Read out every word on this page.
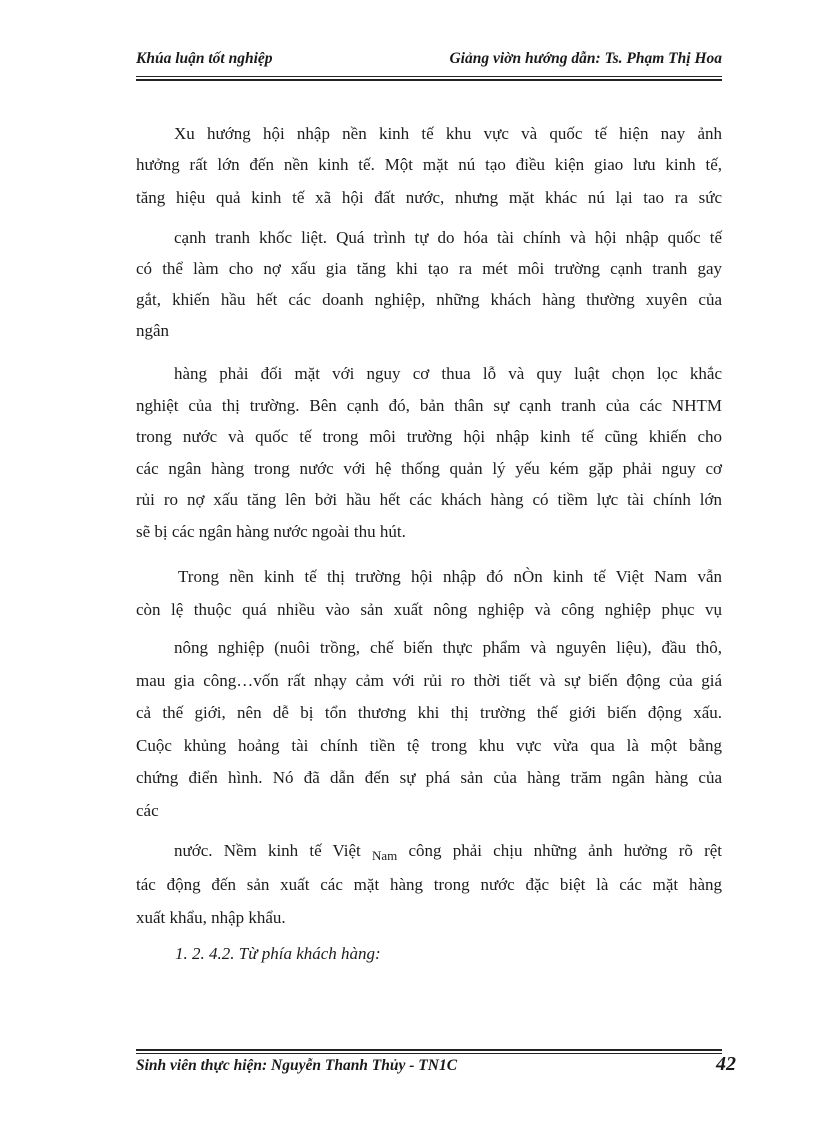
Khúa luận tốt nghiệp	Giảng viờn hướng dẫn: Ts. Phạm Thị Hoa
Xu hướng hội nhập nền kinh tế khu vực và quốc tế hiện nay ảnh
hưởng rất lớn đến nền kinh tế. Một mặt nú tạo điều kiện giao lưu kinh tế,
tăng hiệu quả kinh tế xã hội đất nước, nhưng mặt khác nú lại tao ra sức
cạnh tranh khốc liệt. Quá trình tự do hóa tài chính và hội nhập quốc tế
có thể làm cho nợ xấu gia tăng khi tạo ra mét môi trường cạnh tranh gay
gắt, khiến hầu hết các doanh nghiệp, những khách hàng thường xuyên của
ngân
hàng phải đối mặt với nguy cơ thua lỗ và quy luật chọn lọc khắc
nghiệt của thị trường. Bên cạnh đó, bản thân sự cạnh tranh của các NHTM
trong nước và quốc tế trong môi trường hội nhập kinh tế cũng khiến cho
các ngân hàng trong nước với hệ thống quản lý yếu kém gặp phải nguy cơ
rủi ro nợ xấu tăng lên bởi hầu hết các khách hàng có tiềm lực tài chính lớn
sẽ bị các ngân hàng nước ngoài thu hút.
Trong nền kinh tế thị trường hội nhập đó nÒn kinh tế Việt Nam vẫn
còn lệ thuộc quá nhiều vào sản xuất nông nghiệp và công nghiệp phục vụ
nông nghiệp (nuôi trồng, chế biến thực phẩm và nguyên liệu), đầu thô,
mau gia công…vốn rất nhạy cảm với rủi ro thời tiết và sự biến động của giá
cả thế giới, nên dễ bị tổn thương khi thị trường thế giới biến động xấu.
Cuộc khủng hoảng tài chính tiền tệ trong khu vực vừa qua là một bằng
chứng điển hình. Nó đã dẫn đến sự phá sản của hàng trăm ngân hàng của
các
nước. Nềm kinh tế Việt $_{Nam}$ công phải chịu những ảnh hưởng rõ rệt
tác động đến sản xuất các mặt hàng trong nước đặc biệt là các mặt hàng
xuất khẩu, nhập khẩu.
1. 2. 4.2. Từ phía khách hàng:
Sinh viên thực hiện: Nguyễn Thanh Thủy - TN1C	42
